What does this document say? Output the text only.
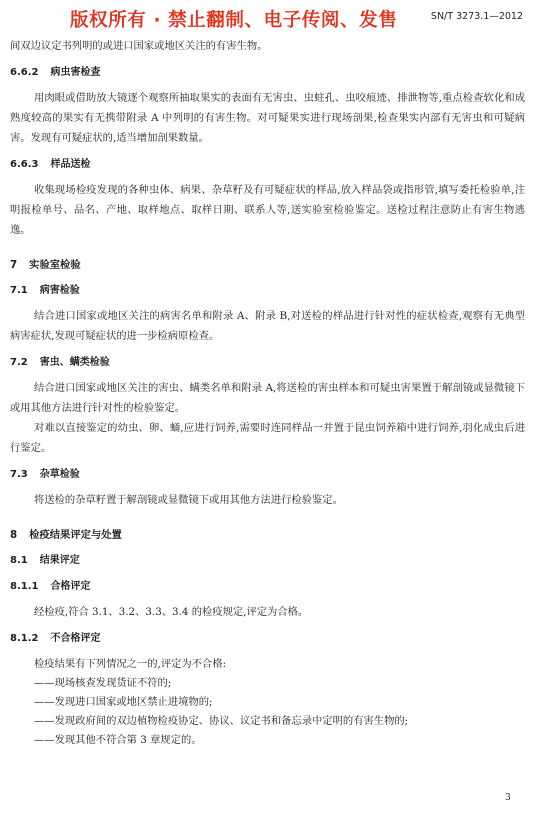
版权所有 · 禁止翻制、电子传阅、发售	SN/T 3273.1—2012

间双边议定书列明的或进口国家或地区关注的有害生物。

6.6.2 病虫害检查

用肉眼或借助放大镜逐个观察所抽取果实的表面有无害虫、虫蛀孔、虫咬痕迹、排泄物等,重点检查软化和成熟度较高的果实有无携带附录 A 中列明的有害生物。对可疑果实进行现场剖果,检查果实内部有无害虫和可疑病害。发现有可疑症状的,适当增加剖果数量。

6.6.3 样品送检

收集现场检疫发现的各种虫体、病果、杂草籽及有可疑症状的样品,放入样品袋或指形管,填写委托检验单,注明报检单号、品名、产地、取样地点、取样日期、联系人等,送实验室检验鉴定。送检过程注意防止有害生物逃逸。

7 实验室检验
7.1 病害检验

结合进口国家或地区关注的病害名单和附录 A、附录 B,对送检的样品进行针对性的症状检查,观察有无典型病害症状,发现可疑症状的进一步检病原检查。

7.2 害虫、螨类检验

结合进口国家或地区关注的害虫、螨类名单和附录 A,将送检的害虫样本和可疑虫害果置于解剖镜或显微镜下或用其他方法进行针对性的检验鉴定。

对难以直接鉴定的幼虫、卵、蛹,应进行饲养,需要时连同样品一并置于昆虫饲养箱中进行饲养,羽化成虫后进行鉴定。

7.3 杂草检验

将送检的杂草籽置于解剖镜或显微镜下或用其他方法进行检验鉴定。

8 检疫结果评定与处置
8.1 结果评定
8.1.1 合格评定

经检疫,符合 3.1、3.2、3.3、3.4 的检疫规定,评定为合格。

8.1.2 不合格评定

检疫结果有下列情况之一的,评定为不合格:

——现场核查发现货证不符的;
——发现进口国家或地区禁止进境物的;
——发现政府间的双边植物检疫协定、协议、议定书和备忘录中定明的有害生物的;
——发现其他不符合第 3 章规定的。
3
